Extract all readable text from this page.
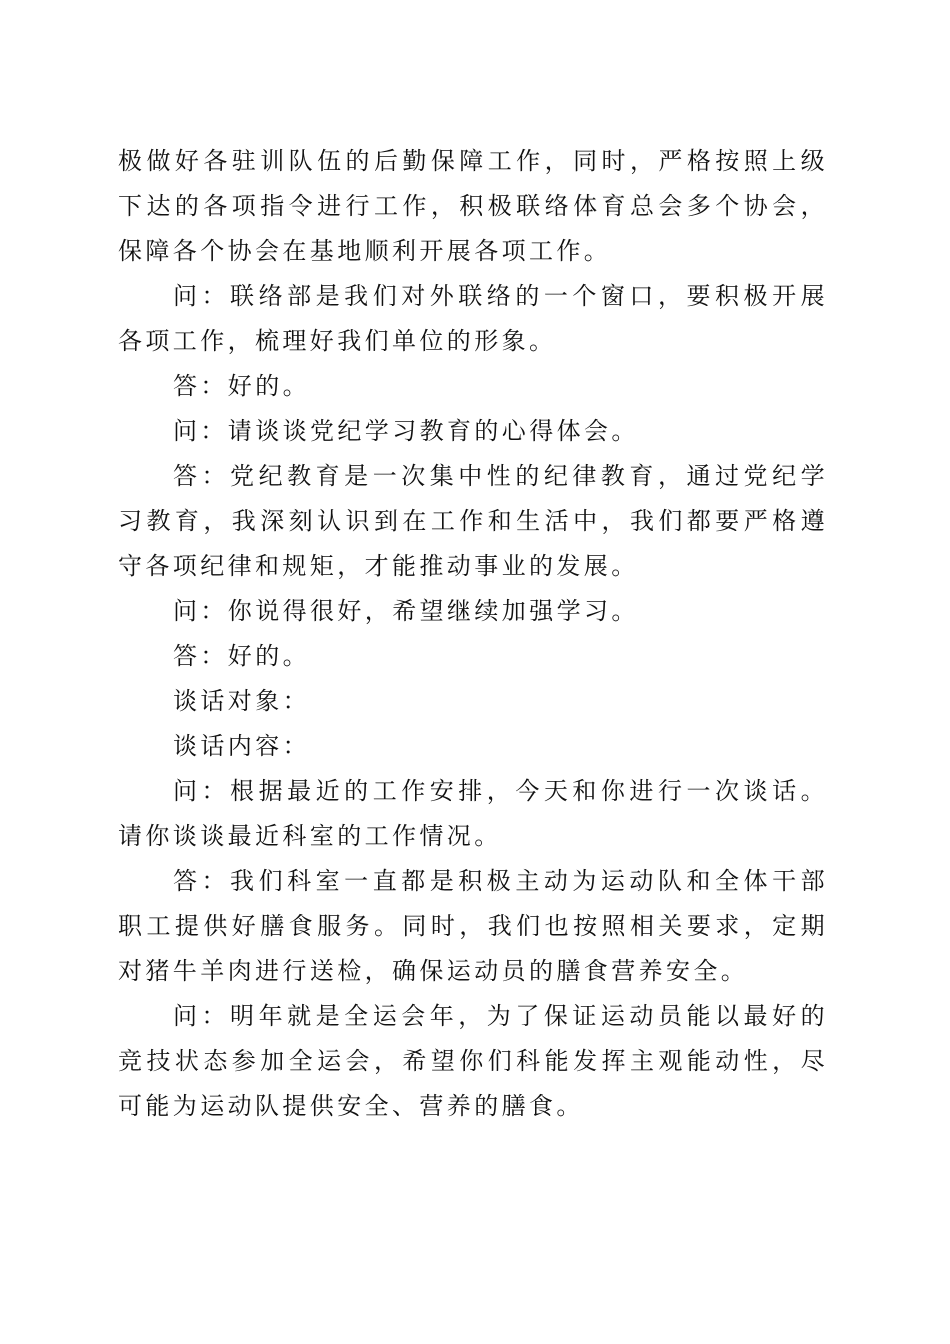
极做好各驻训队伍的后勤保障工作，同时，严格按照上级下达的各项指令进行工作，积极联络体育总会多个协会，保障各个协会在基地顺利开展各项工作。

问：联络部是我们对外联络的一个窗口，要积极开展各项工作，梳理好我们单位的形象。

答：好的。

问：请谈谈党纪学习教育的心得体会。

答：党纪教育是一次集中性的纪律教育，通过党纪学习教育，我深刻认识到在工作和生活中，我们都要严格遵守各项纪律和规矩，才能推动事业的发展。

问：你说得很好，希望继续加强学习。

答：好的。

谈话对象：

谈话内容：

问：根据最近的工作安排，今天和你进行一次谈话。请你谈谈最近科室的工作情况。

答：我们科室一直都是积极主动为运动队和全体干部职工提供好膳食服务。同时，我们也按照相关要求，定期对猪牛羊肉进行送检，确保运动员的膳食营养安全。

问：明年就是全运会年，为了保证运动员能以最好的竞技状态参加全运会，希望你们科能发挥主观能动性，尽可能为运动队提供安全、营养的膳食。
